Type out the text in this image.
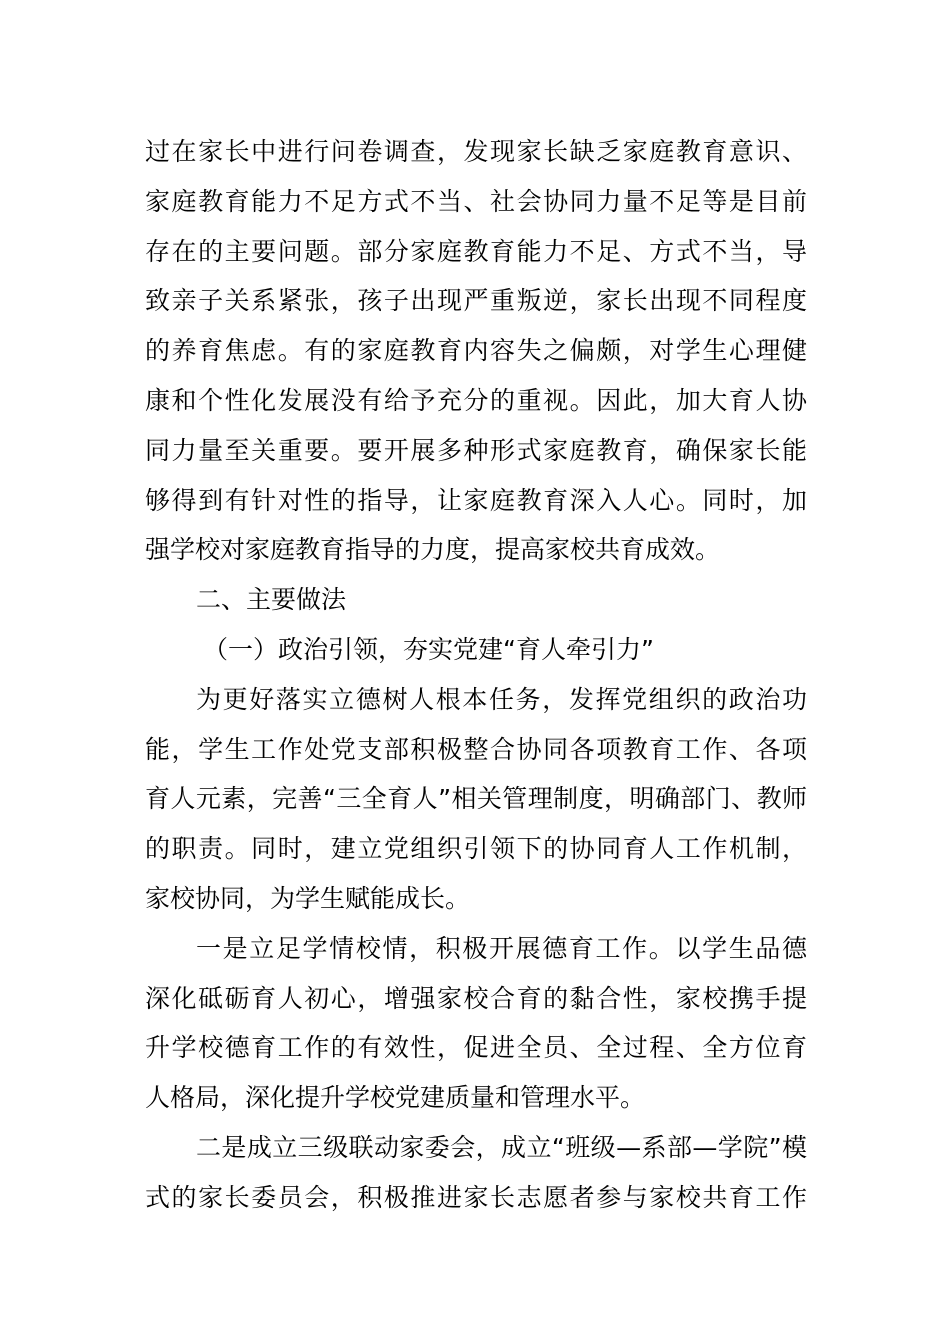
过在家长中进行问卷调查，发现家长缺乏家庭教育意识、
家庭教育能力不足方式不当、社会协同力量不足等是目前
存在的主要问题。部分家庭教育能力不足、方式不当，导
致亲子关系紧张，孩子出现严重叛逆，家长出现不同程度
的养育焦虑。有的家庭教育内容失之偏颇，对学生心理健
康和个性化发展没有给予充分的重视。因此，加大育人协
同力量至关重要。要开展多种形式家庭教育，确保家长能
够得到有针对性的指导，让家庭教育深入人心。同时，加
强学校对家庭教育指导的力度，提高家校共育成效。
二、主要做法
（一）政治引领，夯实党建“育人牵引力”
为更好落实立德树人根本任务，发挥党组织的政治功
能，学生工作处党支部积极整合协同各项教育工作、各项
育人元素，完善“三全育人”相关管理制度，明确部门、教师
的职责。同时，建立党组织引领下的协同育人工作机制，
家校协同，为学生赋能成长。
一是立足学情校情，积极开展德育工作。以学生品德
深化砥砺育人初心，增强家校合育的黏合性，家校携手提
升学校德育工作的有效性，促进全员、全过程、全方位育
人格局，深化提升学校党建质量和管理水平。
二是成立三级联动家委会，成立“班级—系部—学院”模
式的家长委员会，积极推进家长志愿者参与家校共育工作
